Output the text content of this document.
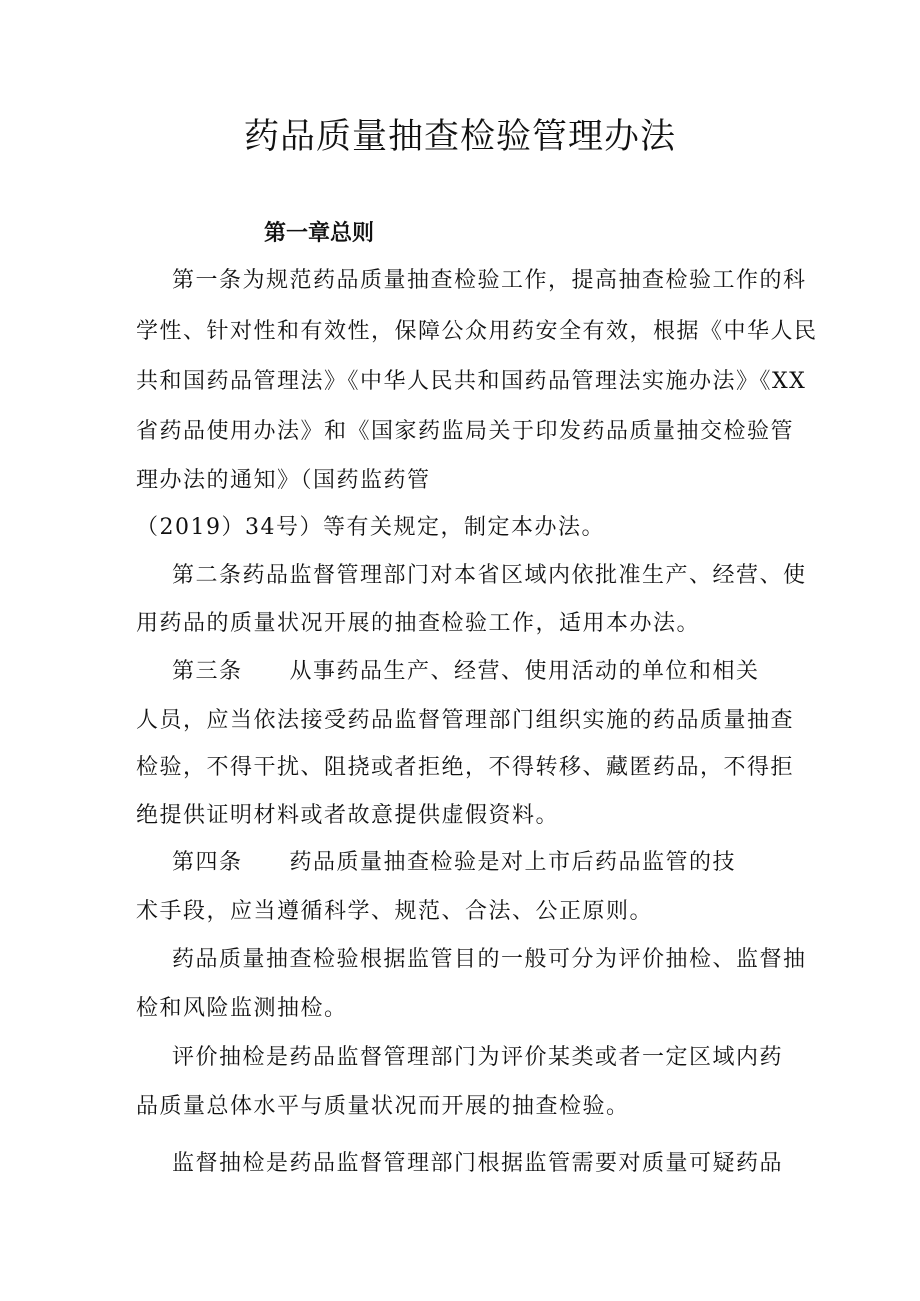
药品质量抽查检验管理办法
第一章总则

第一条为规范药品质量抽查检验工作，提高抽查检验工作的科

学性、针对性和有效性，保障公众用药安全有效，根据《中华人民

共和国药品管理法》《中华人民共和国药品管理法实施办法》《XX

省药品使用办法》和《国家药监局关于印发药品质量抽交检验管

理办法的通知》（国药监药管

（2019）34号）等有关规定，制定本办法。

第二条药品监督管理部门对本省区域内依批准生产、经营、使

用药品的质量状况开展的抽查检验工作，适用本办法。

第三条　　从事药品生产、经营、使用活动的单位和相关

人员，应当依法接受药品监督管理部门组织实施的药品质量抽查

检验，不得干扰、阻挠或者拒绝，不得转移、藏匿药品，不得拒

绝提供证明材料或者故意提供虚假资料。

第四条　　药品质量抽查检验是对上市后药品监管的技

术手段，应当遵循科学、规范、合法、公正原则。

药品质量抽查检验根据监管目的一般可分为评价抽检、监督抽

检和风险监测抽检。

评价抽检是药品监督管理部门为评价某类或者一定区域内药

品质量总体水平与质量状况而开展的抽查检验。

监督抽检是药品监督管理部门根据监管需要对质量可疑药品
